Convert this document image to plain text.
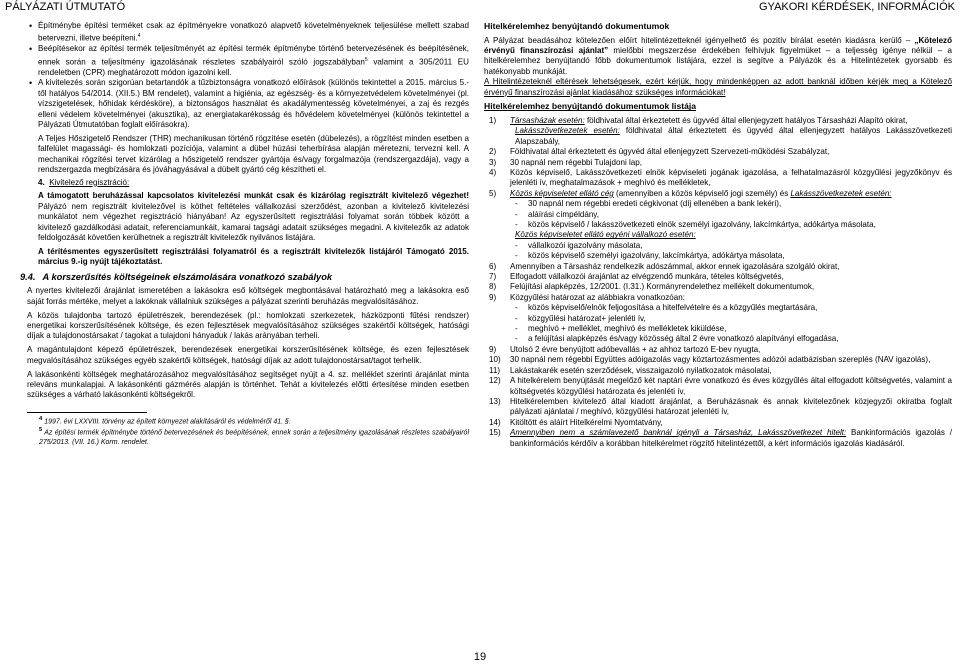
PÁLYÁZATI ÚTMUTATÓ	GYAKORI KÉRDÉSEK, INFORMÁCIÓK

• Építménybe építési terméket csak az építményekre vonatkozó alapvető követelményeknek teljesülése mellett szabad betervezni, illetve beépíteni.$^4$

• Beépítésekor az építési termék teljesítményét az építési termék építménybe történő betervezésének és beépítésének, ennek során a teljesítmény igazolásának részletes szabályairól szóló jogszabályban$^5$ valamint a 305/2011 EU rendeletben (CPR) meghatározott módon igazolni kell.

• A kivitelezés során szigorúan betartandók a tűzbiztonságra vonatkozó előírások (különös tekintettel a 2015. március 5.-től hatályos 54/2014. (XII.5.) BM rendelet), valamint a higiénia, az egészség- és a környezetvédelem követelményei (pl. vízszigetelések, hőhidak kérdésköre), a biztonságos használat és akadálymentesség követelményei, a zaj és rezgés elleni védelem követelményei (akusztika), az energiatakarékosság és hővédelem követelményei (különös tekintettel a Pályázati Útmutatóban foglalt előírásokra).

A Teljes Hőszigetelő Rendszer (THR) mechanikusan történő rögzítése esetén (dübelezés), a rögzítést minden esetben a falfelület magassági- és homlokzati pozíciója, valamint a dübel húzási teherbírása alapján méretezni, tervezni kell. A mechanikai rögzítési tervet kizárólag a hőszigetelő rendszer gyártója és/vagy forgalmazója (rendszergazdája), vagy a rendszergazda megbízására és jóváhagyásával a dübelt gyártó cég készítheti el.

4. Kivitelező regisztráció:

A támogatott beruházással kapcsolatos kivitelezési munkát csak és kizárólag regisztrált kivitelező végezhet! Pályázó nem regisztrált kivitelezővel is köthet feltételes vállalkozási szerződést, azonban a kivitelező kivitelezési munkálatot nem végezhet regisztráció hiányában! Az egyszerűsített regisztrálási folyamat során többek között a kivitelező gazdálkodási adatait, referenciamunkáit, kamarai tagsági adatait szükséges megadni. A kivitelezők az adatok feldolgozását követően kerülhetnek a regisztrált kivitelezők nyilvános listájára.

A térítésmentes egyszerűsített regisztrálási folyamatról és a regisztrált kivitelezők listájáról Támogató 2015. március 9.-ig nyújt tájékoztatást.

9.4. A korszerűsítés költségeinek elszámolására vonatkozó szabályok

A nyertes kivitelezői árajánlat ismeretében a lakásokra eső költségek megbontásával határozható meg a lakásokra eső saját forrás mértéke, melyet a lakóknak vállalniuk szükséges a pályázat szerinti beruházás megvalósításához.

A közös tulajdonba tartozó épületrészek, berendezések (pl.: homlokzati szerkezetek, házközponti fűtési rendszer) energetikai korszerűsítésének költsége, és ezen fejlesztések megvalósításához szükséges szakértői költségek, hatósági díjak a tulajdonostársakat / tagokat a tulajdoni hányaduk / lakás arányában terheli.

A magántulajdont képező épületrészek, berendezések energetikai korszerűsítésének költsége, és ezen fejlesztések megvalósításához szükséges egyéb szakértői költségek, hatósági díjak az adott tulajdonostársat/tagot terhelik.

A lakásonkénti költségek meghatározásához megvalósításához segítséget nyújt a 4. sz. melléklet szerinti árajánlat minta releváns munkalapjai. A lakásonkénti gázmérés alapján is történhet. Tehát a kivitelezés előtti értesítése minden esetben szükséges a várható lakásonkénti költségekről.

$^4$ 1997. évi LXXVIII. törvény az épített környezet alakításáról és védelméről 41. §.

$^5$ Az építési termék építménybe történő betervezésének és beépítésének, ennek során a teljesítmény igazolásának részletes szabályairól 275/2013. (VII. 16.) Korm. rendelet.

Hitelkérelemhez benyújtandó dokumentumok

A Pályázat beadásához kötelezően előírt hitelintézetteknél igényelhető és pozitív bírálat esetén kiadásra kerülő – „Kötelező érvényű finanszírozási ajánlat” mielőbbi megszerzése érdekében felhívjuk figyelmüket – a teljesség igénye nélkül – a hitelkérelemhez benyújtandó főbb dokumentumok listájára, ezzel is segítve a Pályázók és a Hitelintézetek gyorsabb és hatékonyabb munkáját.

A Hitelintézeteknél eltérések lehetségesek, ezért kérjük, hogy mindenképpen az adott banknál időben kérjék meg a Kötelező érvényű finanszírozási ajánlat kiadásához szükséges információkat!

Hitelkérelemhez benyújtandó dokumentumok listája

1)	Társasházak esetén: földhivatal által érkeztetett és ügyvéd által ellenjegyzett hatályos Társasházi Alapító okirat,

Lakásszövetkezetek esetén: földhivatal által érkeztetett és ügyvéd által ellenjegyzett hatályos Lakásszövetkezeti Alapszabály,

2)	Földhivatal által érkeztetett és ügyvéd által ellenjegyzett Szervezeti-működési Szabályzat,
3)	30 napnál nem régebbi Tulajdoni lap,
4)	Közös képviselő, Lakásszövetkezeti elnök képviseleti jogának igazolása, a felhatalmazásról közgyűlési jegyzőkönyv és jelenléti ív, meghatalmazások + meghívó és mellékletek,
5)	Közös képviseletet ellátó cég (amennyiben a közös képviselő jogi személy) és Lakásszövetkezetek esetén:
-	30 napnál nem régebbi eredeti cégkivonat (díj ellenében a bank lekéri),
-	aláírási címpéldány,
-	közös képviselő / lakásszövetkezeti elnök személyi igazolvány, lakcímkártya, adókártya másolata,

Közös képviseletet ellátó egyéni vállalkozó esetén:

-	vállalkozói igazolvány másolata,
-	közös képviselő személyi igazolvány, lakcímkártya, adókártya másolata,
6)	Amennyiben a Társasház rendelkezik adószámmal, akkor ennek igazolására szolgáló okirat,
7)	Elfogadott vállalkozói árajánlat az elvégzendő munkára, tételes költségvetés,
8)	Felújítási alapképzés, 12/2001. (I.31.) Kormányrendelethez mellékelt dokumentumok,
9)	Közgyűlési határozat az alábbiakra vonatkozóan:
-	közös képviselő/elnök feljogosítása a hitelfelvételre és a közgyűlés megtartására,
-	közgyűlési határozat+ jelenléti ív,
-	meghívó + melléklet, meghívó és mellékletek kiküldése,
-	a felújítási alapképzés és/vagy közösség által 2 évre vonatkozó alapítványi elfogadása,
9)	Utolsó 2 évre benyújtott adóbevallás + az ahhoz tartozó E-bev nyugta,
10)	30 napnál nem régebbi Együttes adóigazolás vagy köztartozásmentes adózói adatbázisban szereplés (NAV igazolás),
11)	Lakástakarék esetén szerződések, visszaigazoló nyilatkozatok másolatai,
12)	A hitelkérelem benyújtását megelőző két naptári évre vonatkozó és éves közgyűlés által elfogadott költségvetés, valamint a költségvetés közgyűlési határozata és jelenléti ív,
13)	Hitelkérelemben kivitelező által kiadott árajánlat, a Beruházásnak és annak kivitelezőnek közjegyzői okiratba foglalt pályázati ajánlatai / meghívó, közgyűlési határozat jelenléti ív,
14)	Kitöltött és aláírt Hitelkérelmi Nyomtatvány,
15)	Amennyiben nem a számlavezető banknál igényli a Társasház, Lakásszövetkezet hitelt: Bankinformációs igazolás / bankinformációs kérdőív a korábban hitelkérelmet rögzítő hitelintézettől, a kért információs igazolás kiadásáról.
19
